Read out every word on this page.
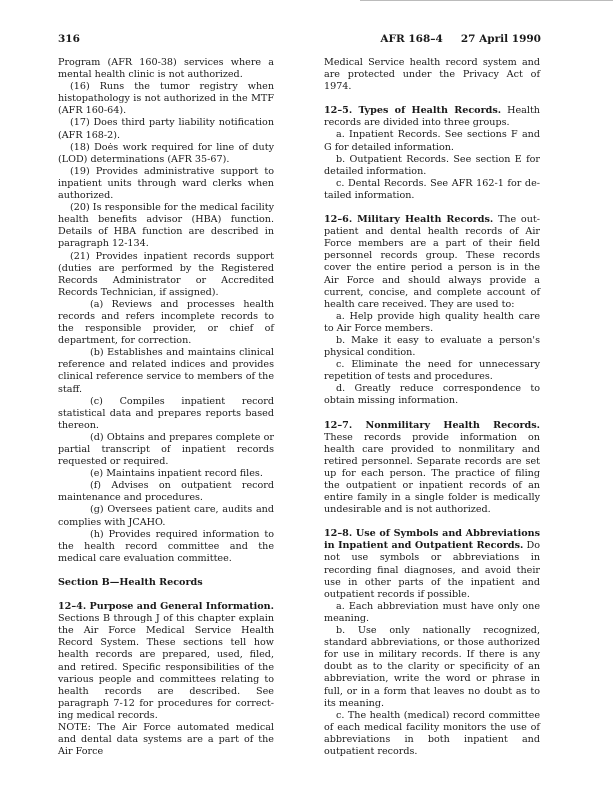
316	AFR 168–4 27 April 1990

Program (AFR 160-38) services where a mental health clinic is not authorized.

(16) Runs the tumor registry when histopathology is not authorized in the MTF (AFR 160-64).

(17) Does third party liability notification (AFR 168-2).

(18) Doės work required for line of duty (LOD) determinations (AFR 35-67).

(19) Provides administrative support to inpatient units through ward clerks when authorized.

(20) Is responsible for the medical facility health benefits advisor (HBA) function. Details of HBA function are described in paragraph 12-134.

(21) Provides inpatient records support (duties are performed by the Registered Records Administrator or Accredited Records Technician, if assigned).

(a) Reviews and processes health records and refers incomplete records to the responsible provider, or chief of department, for correction.

(b) Establishes and maintains clinical reference and related indices and provides clinical reference service to members of the staff.

(c) Compiles inpatient record statistical data and prepares reports based thereon.

(d) Obtains and prepares complete or partial transcript of inpatient records requested or required.

(e) Maintains inpatient record files.

(f) Advises on outpatient record maintenance and procedures.

(g) Oversees patient care, audits and complies with JCAHO.

(h) Provides required information to the health record committee and the medical care evaluation committee.

Section B—Health Records

12–4. Purpose and General Information. Sections B through J of this chapter explain the Air Force Medical Service Health Record System. These sections tell how health records are prepared, used, filed, and retired. Specific responsibilities of the various people and committees relating to health records are described. See paragraph 7-12 for procedures for correcting medical records.

NOTE: The Air Force automated medical and dental data systems are a part of the Air Force

Medical Service health record system and are protected under the Privacy Act of 1974.

12–5. Types of Health Records. Health records are divided into three groups.

a. Inpatient Records. See sections F and G for detailed information.

b. Outpatient Records. See section E for detailed information.

c. Dental Records. See AFR 162-1 for detailed information.

12–6. Military Health Records. The outpatient and dental health records of Air Force members are a part of their field personnel records group. These records cover the entire period a person is in the Air Force and should always provide a current, concise, and complete account of health care received. They are used to:

a. Help provide high quality health care to Air Force members.

b. Make it easy to evaluate a person's physical condition.

c. Eliminate the need for unnecessary repetition of tests and procedures.

d. Greatly reduce correspondence to obtain missing information.

12–7. Nonmilitary Health Records. These records provide information on health care provided to nonmilitary and retired personnel. Separate records are set up for each person. The practice of filing the outpatient or inpatient records of an entire family in a single folder is medically undesirable and is not authorized.

12–8. Use of Symbols and Abbreviations in Inpatient and Outpatient Records. Do not use symbols or abbreviations in recording final diagnoses, and avoid their use in other parts of the inpatient and outpatient records if possible.

a. Each abbreviation must have only one meaning.

b. Use only nationally recognized, standard abbreviations, or those authorized for use in military records. If there is any doubt as to the clarity or specificity of an abbreviation, write the word or phrase in full, or in a form that leaves no doubt as to its meaning.

c. The health (medical) record committee of each medical facility monitors the use of abbreviations in both inpatient and outpatient records.
